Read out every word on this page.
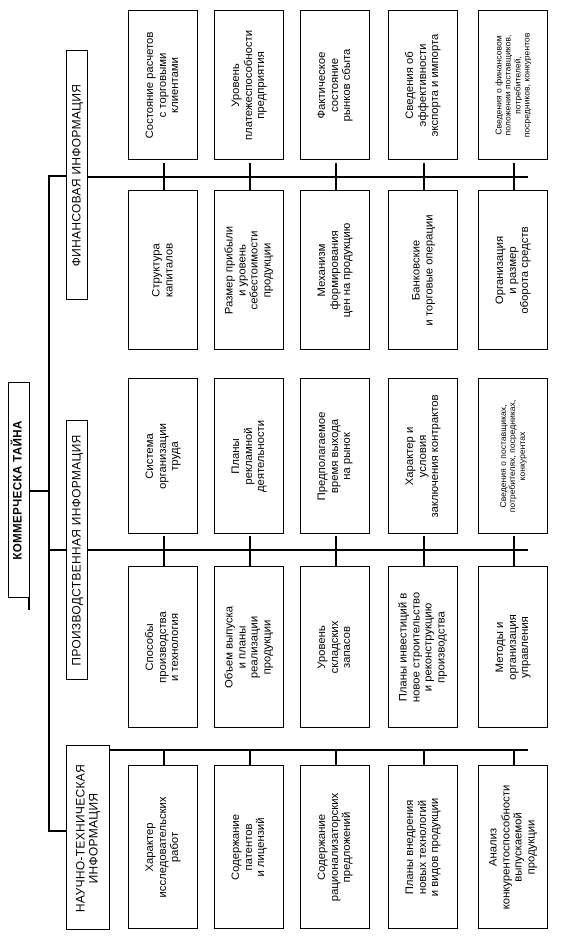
КОММЕРЧЕСКА ТАЙНА
ФИНАНСОВАЯ ИНФОРМАЦИЯ
ПРОИЗВОДСТВЕННАЯ ИНФОРМАЦИЯ
НАУЧНО-ТЕХНИЧЕСКАЯ
ИНФОРМАЦИЯ
Состояние расчетов
с торговыми
клиентами	Уровень
платежеспособности
предприятия	Фактическое
состояние
рынков сбыта
Сведения об
эффективности
экспорта и импорта
Сведения о финансовом
положении поставщиков,
потребителей,
посредников, конкурентов
Структура
капиталов	Размер прибыли
и уровень
себестоимости
продукции	Механизм
формирования
цен на продукцию	Банковские
и торговые операции	Организация
и размер
оборота средств
Система
организации
труда	Планы
рекламной
деятельности	Предполагаемое
время выхода
на рынок	Характер и
условия
заключения контрактов
Сведения о поставщиках,
потребителях, посредниках,
конкурентах
Способы
производства
и технология	Объем выпуска
и планы
реализации
продукции	Уровень
складских
запасов
Планы инвестиций в
новое строительство
и реконструкцию
производства	Методы и
организация
управления
Характер
исследовательских
работ	Содержание
патентов
и лицензий	Содержание
рационализаторских
предложений	Планы внедрения
новых технологий
и видов продукции	Анализ
конкурентоспособности
выпускаемой
продукции
